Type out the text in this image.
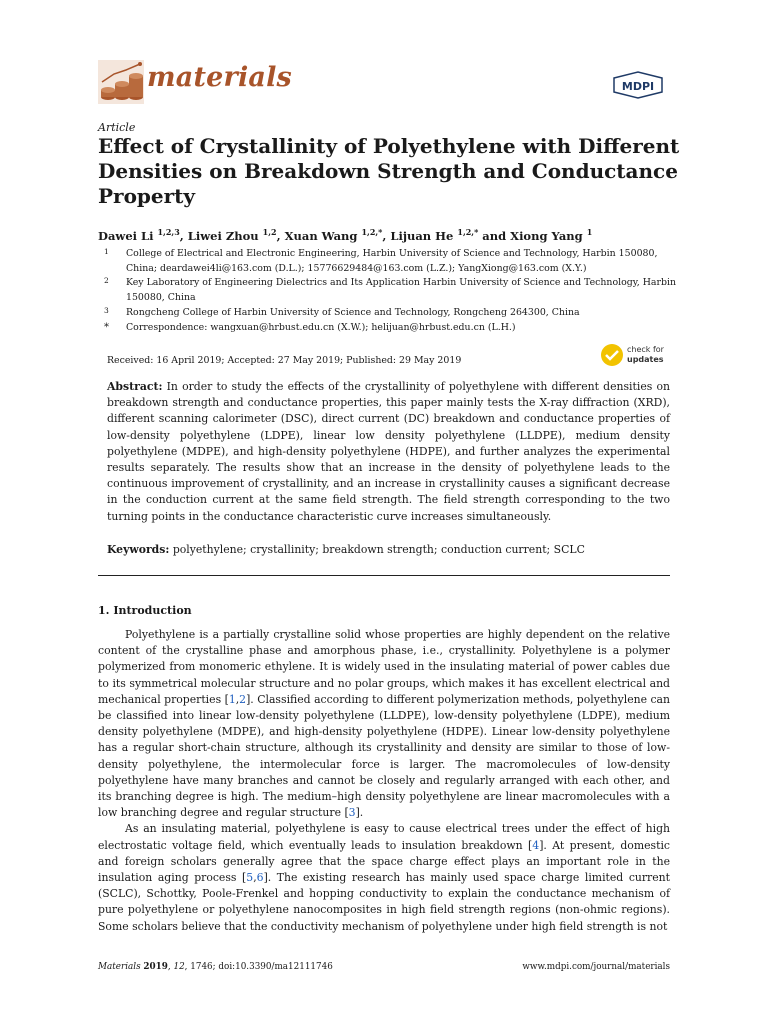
materials	MDPI
Article
Effect of Crystallinity of Polyethylene with Different Densities on Breakdown Strength and Conductance Property
Dawei Li $^{1,2,3}$, Liwei Zhou $^{1,2}$, Xuan Wang $^{1,2,*}$, Lijuan He $^{1,2,*}$ and Xiong Yang $^1$
1 College of Electrical and Electronic Engineering, Harbin University of Science and Technology, Harbin 150080, China; deardawei4li@163.com (D.L.); 15776629484@163.com (L.Z.); YangXiong@163.com (X.Y.)
2 Key Laboratory of Engineering Dielectrics and Its Application Harbin University of Science and Technology, Harbin 150080, China
3 Rongcheng College of Harbin University of Science and Technology, Rongcheng 264300, China
* Correspondence: wangxuan@hrbust.edu.cn (X.W.); helijuan@hrbust.edu.cn (L.H.)
Received: 16 April 2019; Accepted: 27 May 2019; Published: 29 May 2019
check for
updates
Abstract: In order to study the effects of the crystallinity of polyethylene with different densities on breakdown strength and conductance properties, this paper mainly tests the X-ray diffraction (XRD), different scanning calorimeter (DSC), direct current (DC) breakdown and conductance properties of low-density polyethylene (LDPE), linear low density polyethylene (LLDPE), medium density polyethylene (MDPE), and high-density polyethylene (HDPE), and further analyzes the experimental results separately. The results show that an increase in the density of polyethylene leads to the continuous improvement of crystallinity, and an increase in crystallinity causes a significant decrease in the conduction current at the same field strength. The field strength corresponding to the two turning points in the conductance characteristic curve increases simultaneously.
Keywords: polyethylene; crystallinity; breakdown strength; conduction current; SCLC
1. Introduction

Polyethylene is a partially crystalline solid whose properties are highly dependent on the relative content of the crystalline phase and amorphous phase, i.e., crystallinity. Polyethylene is a polymer polymerized from monomeric ethylene. It is widely used in the insulating material of power cables due to its symmetrical molecular structure and no polar groups, which makes it has excellent electrical and mechanical properties [1,2]. Classified according to different polymerization methods, polyethylene can be classified into linear low-density polyethylene (LLDPE), low-density polyethylene (LDPE), medium density polyethylene (MDPE), and high-density polyethylene (HDPE). Linear low-density polyethylene has a regular short-chain structure, although its crystallinity and density are similar to those of low-density polyethylene, the intermolecular force is larger. The macromolecules of low-density polyethylene have many branches and cannot be closely and regularly arranged with each other, and its branching degree is high. The medium–high density polyethylene are linear macromolecules with a low branching degree and regular structure [3].

As an insulating material, polyethylene is easy to cause electrical trees under the effect of high electrostatic voltage field, which eventually leads to insulation breakdown [4]. At present, domestic and foreign scholars generally agree that the space charge effect plays an important role in the insulation aging process [5,6]. The existing research has mainly used space charge limited current (SCLC), Schottky, Poole-Frenkel and hopping conductivity to explain the conductance mechanism of pure polyethylene or polyethylene nanocomposites in high field strength regions (non-ohmic regions). Some scholars believe that the conductivity mechanism of polyethylene under high field strength is not

Materials 2019, 12, 1746; doi:10.3390/ma12111746	www.mdpi.com/journal/materials
